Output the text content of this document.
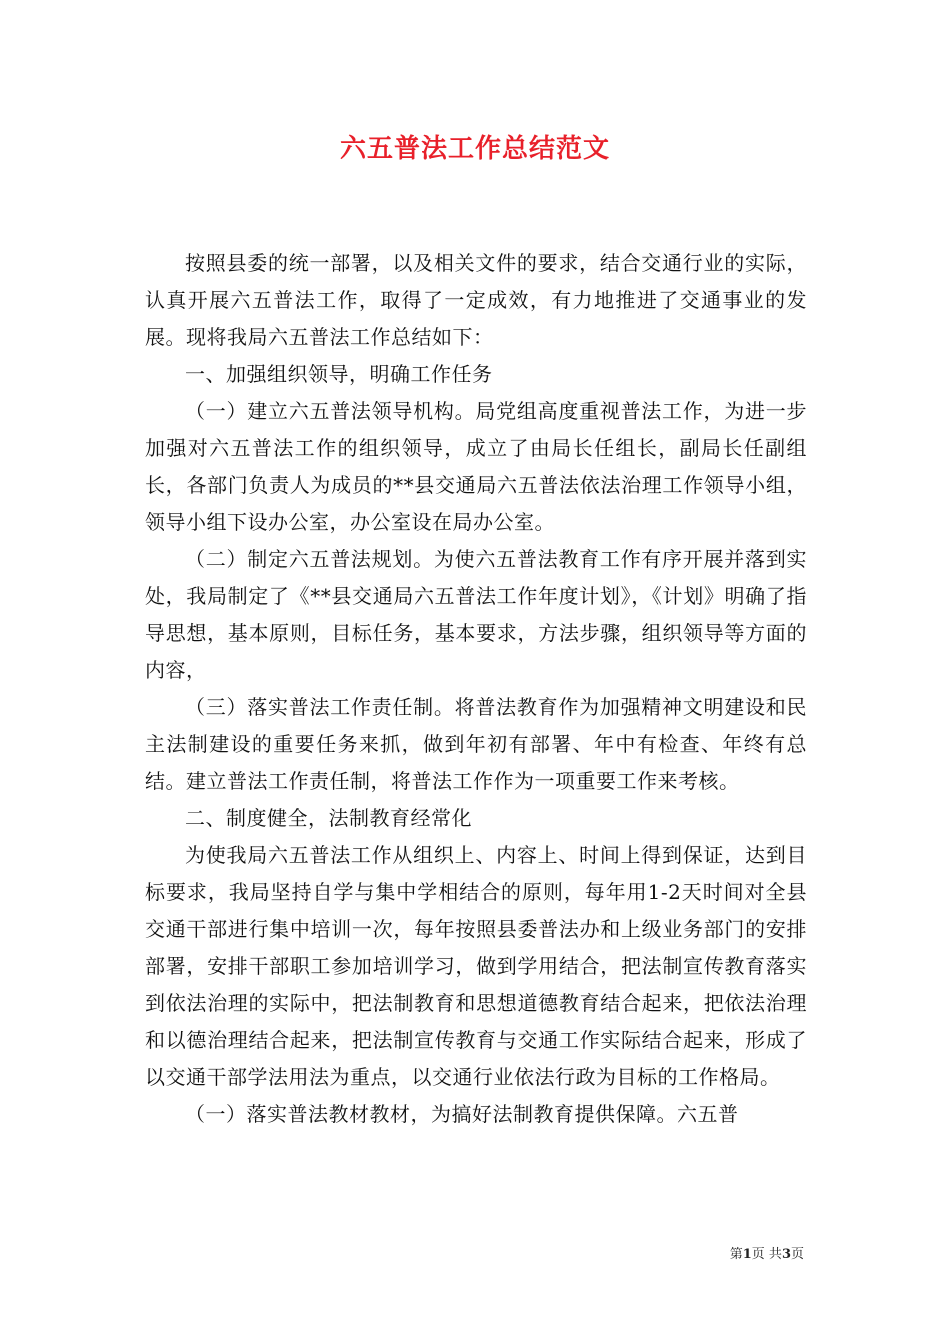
六五普法工作总结范文

按照县委的统一部署，以及相关文件的要求，结合交通行业的实际，认真开展六五普法工作，取得了一定成效，有力地推进了交通事业的发展。现将我局六五普法工作总结如下：

一、加强组织领导，明确工作任务

（一）建立六五普法领导机构。局党组高度重视普法工作，为进一步加强对六五普法工作的组织领导，成立了由局长任组长，副局长任副组长，各部门负责人为成员的**县交通局六五普法依法治理工作领导小组，领导小组下设办公室，办公室设在局办公室。

（二）制定六五普法规划。为使六五普法教育工作有序开展并落到实处，我局制定了《**县交通局六五普法工作年度计划》，《计划》明确了指导思想，基本原则，目标任务，基本要求，方法步骤，组织领导等方面的内容，

（三）落实普法工作责任制。将普法教育作为加强精神文明建设和民主法制建设的重要任务来抓，做到年初有部署、年中有检查、年终有总结。建立普法工作责任制，将普法工作作为一项重要工作来考核。

二、制度健全，法制教育经常化

为使我局六五普法工作从组织上、内容上、时间上得到保证，达到目标要求，我局坚持自学与集中学相结合的原则，每年用1-2天时间对全县交通干部进行集中培训一次，每年按照县委普法办和上级业务部门的安排部署，安排干部职工参加培训学习，做到学用结合，把法制宣传教育落实到依法治理的实际中，把法制教育和思想道德教育结合起来，把依法治理和以德治理结合起来，把法制宣传教育与交通工作实际结合起来，形成了以交通干部学法用法为重点，以交通行业依法行政为目标的工作格局。

（一）落实普法教材教材，为搞好法制教育提供保障。六五普

第1页 共3页
